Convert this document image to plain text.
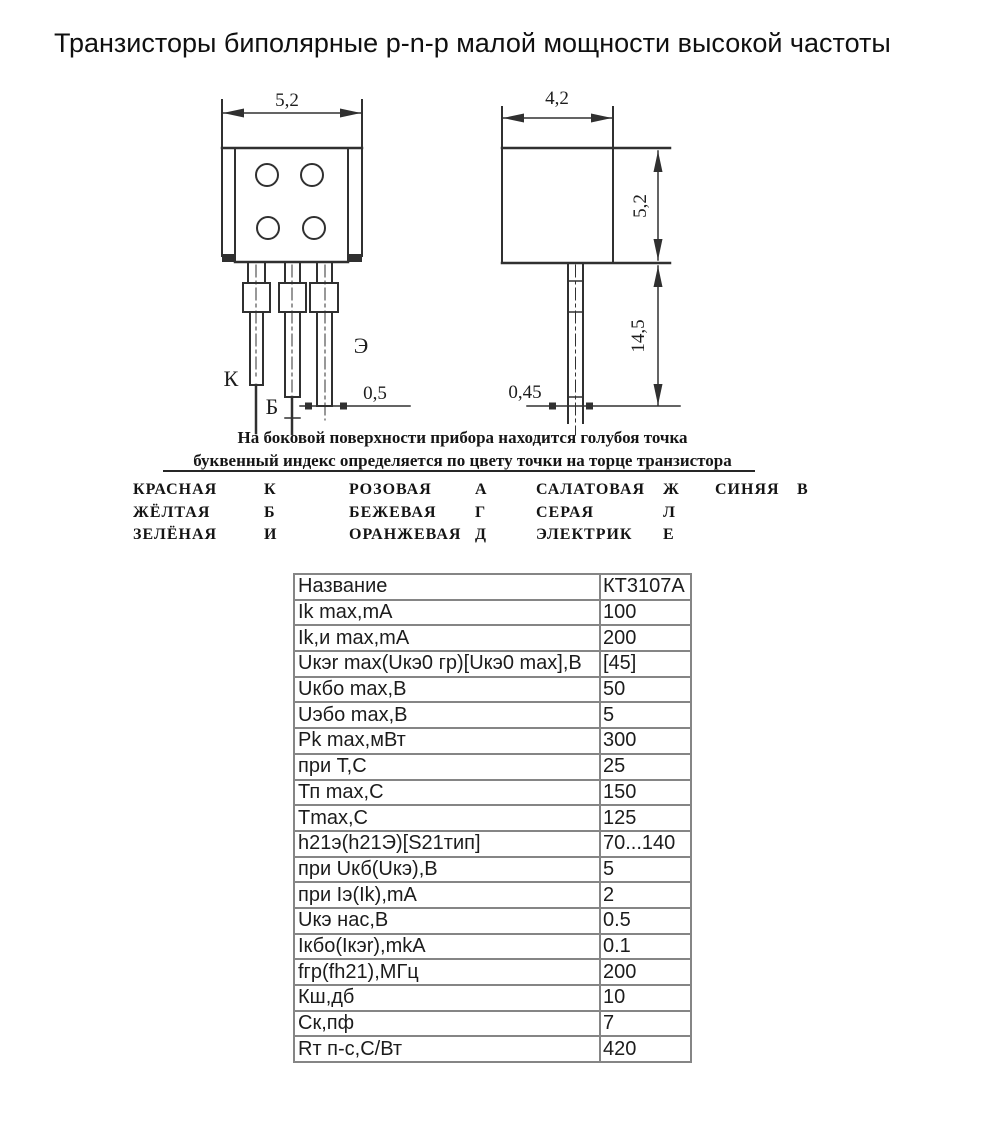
Транзисторы биполярные p-n-p малой мощности высокой частоты
5,2
0,5
К
Б
Э
4,2
5,2
14,5
0,45
На боковой поверхности прибора находится голубоя точка
буквенный индекс определяется по цвету точки на торце транзистора
КРАСНАЯ	К	РОЗОВАЯ	А	САЛАТОВАЯ	Ж	СИНЯЯ	В
ЖЁЛТАЯ	Б	БЕЖЕВАЯ	Г	СЕРАЯ	Л
ЗЕЛЁНАЯ	И	ОРАНЖЕВАЯ Д	ЭЛЕКТРИК	Е
Название	КТ3107А
Ik max,mA	100
Ik,и max,mA	200
Uкэr max(Uкэ0 гр)[Uкэ0 max],В	[45]
Uкбо max,В	50
Uэбо max,В	5
Pk max,мВт	300
при Т,С	25
Тп max,С	150
Tmax,С	125
h21э(h21Э)[S21тип]	70...140
при Uкб(Uкэ),В	5
при Iэ(Ik),mA	2
Uкэ нас,В	0.5
Iкбо(Iкэr),mkA	0.1
fгр(fh21),МГц	200
Кш,дб	10
Ск,пф	7
Rт п-с,С/Вт	420
